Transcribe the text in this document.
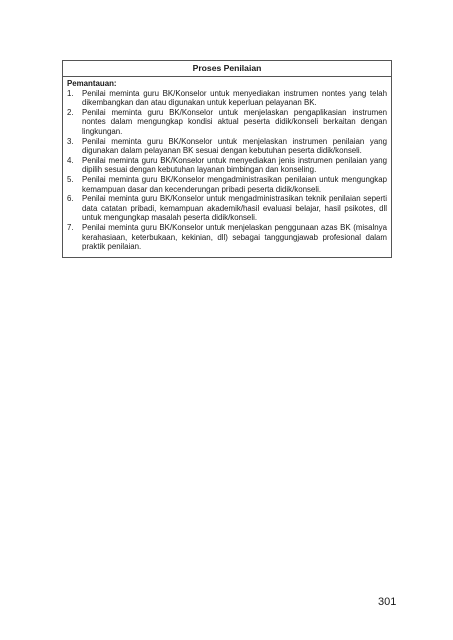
Proses Penilaian
Pemantauan:
1.	Penilai meminta guru BK/Konselor untuk menyediakan instrumen nontes yang telah dikembangkan dan atau digunakan untuk keperluan pelayanan BK.
2.	Penilai meminta guru BK/Konselor untuk menjelaskan pengaplikasian instrumen nontes dalam mengungkap kondisi aktual peserta didik/konseli berkaitan dengan lingkungan.
3.	Penilai meminta guru BK/Konselor untuk menjelaskan instrumen penilaian yang digunakan dalam pelayanan BK sesuai dengan kebutuhan peserta didik/konseli.
4.	Penilai meminta guru BK/Konselor untuk menyediakan jenis instrumen penilaian yang dipilih sesuai dengan kebutuhan layanan bimbingan dan konseling.
5.	Penilai meminta guru BK/Konselor mengadministrasikan penilaian untuk mengungkap kemampuan dasar dan kecenderungan pribadi peserta didik/konseli.
6.	Penilai meminta guru BK/Konselor untuk mengadministrasikan teknik penilaian seperti data catatan pribadi, kemampuan akademik/hasil evaluasi belajar, hasil psikotes, dll untuk mengungkap masalah peserta didik/konseli.
7.	Penilai meminta guru BK/Konselor untuk menjelaskan penggunaan azas BK (misalnya kerahasiaan, keterbukaan, kekinian, dll) sebagai tanggungjawab profesional dalam praktik penilaian.
301
